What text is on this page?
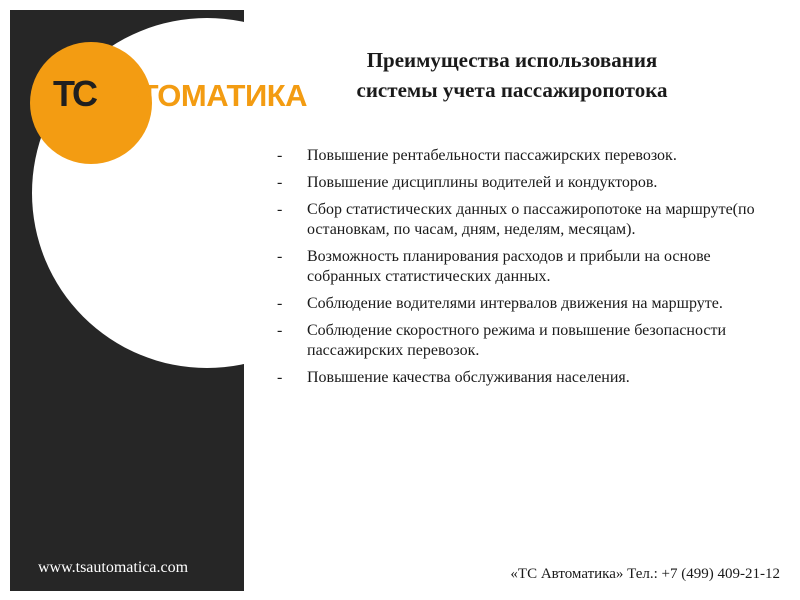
ТСАВТОМАТИКА
Преимущества использования
системы учета пассажиропотока
- Повышение рентабельности пассажирских перевозок.
- Повышение дисциплины водителей и кондукторов.
- Сбор статистических данных о пассажиропотоке на маршруте(по остановкам, по часам, дням, неделям, месяцам).
- Возможность планирования расходов и прибыли на основе собранных статистических данных.
- Соблюдение водителями интервалов движения на маршруте.
- Соблюдение скоростного режима и повышение безопасности пассажирских перевозок.
- Повышение качества обслуживания населения.
www.tsautomatica.com	«ТС Автоматика» Тел.: +7 (499) 409-21-12
